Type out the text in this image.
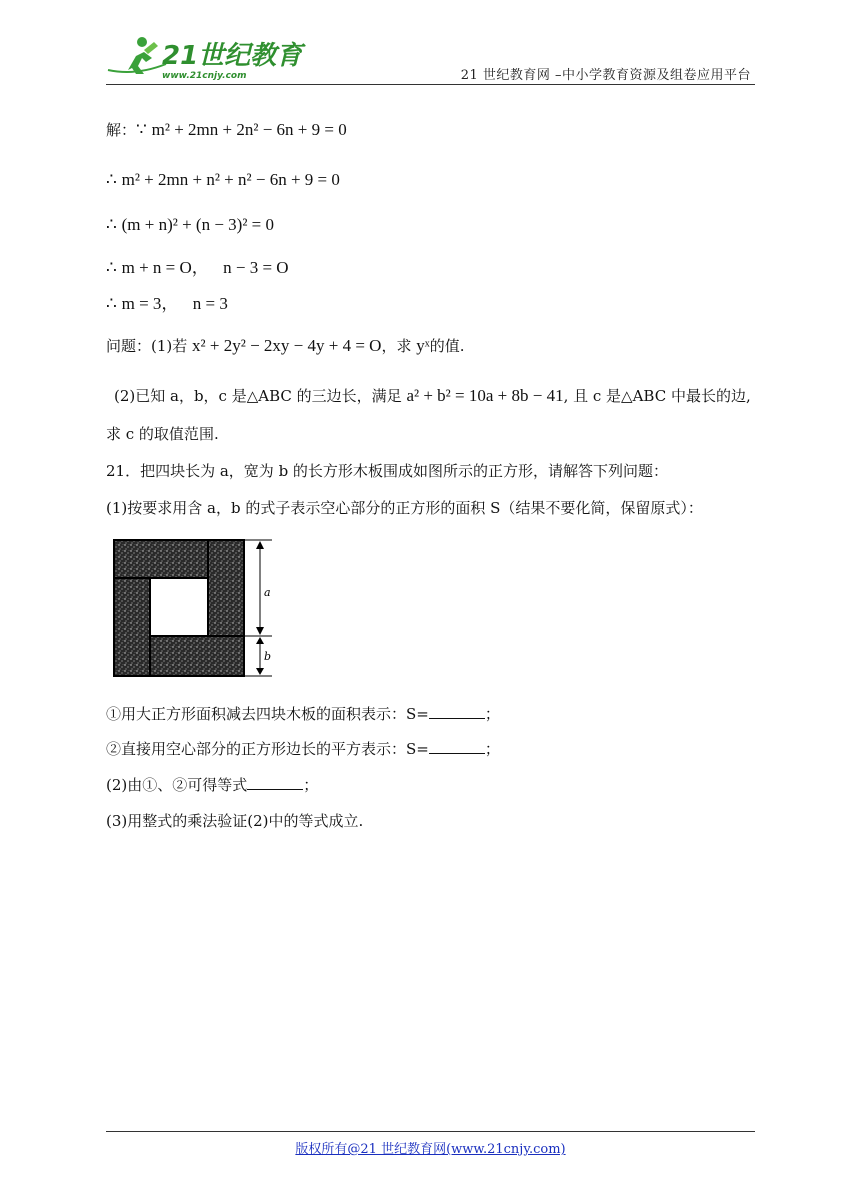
21世纪教育
www.21cnjy.com	21 世纪教育网 –中小学教育资源及组卷应用平台
解：∵ m² + 2mn + 2n² − 6n + 9 = 0
∴ m² + 2mn + n² + n² − 6n + 9 = 0
∴ (m + n)² + (n − 3)² = 0
∴ m + n = O， n − 3 = O
∴ m = 3， n = 3
问题：(1)若 x² + 2y² − 2xy − 4y + 4 = O，求 yˣ的值.
(2)已知 a，b，c 是△ABC 的三边长，满足 a² + b² = 10a + 8b − 41, 且 c 是△ABC 中最长的边,
求 c 的取值范围.
21．把四块长为 a，宽为 b 的长方形木板围成如图所示的正方形，请解答下列问题：
(1)按要求用含 a，b 的式子表示空心部分的正方形的面积 S（结果不要化简，保留原式）：
a
b
①用大正方形面积减去四块木板的面积表示：S=	；
②直接用空心部分的正方形边长的平方表示：S=	；
(2)由①、②可得等式	；
(3)用整式的乘法验证(2)中的等式成立.
版权所有@21 世纪教育网(www.21cnjy.com)
